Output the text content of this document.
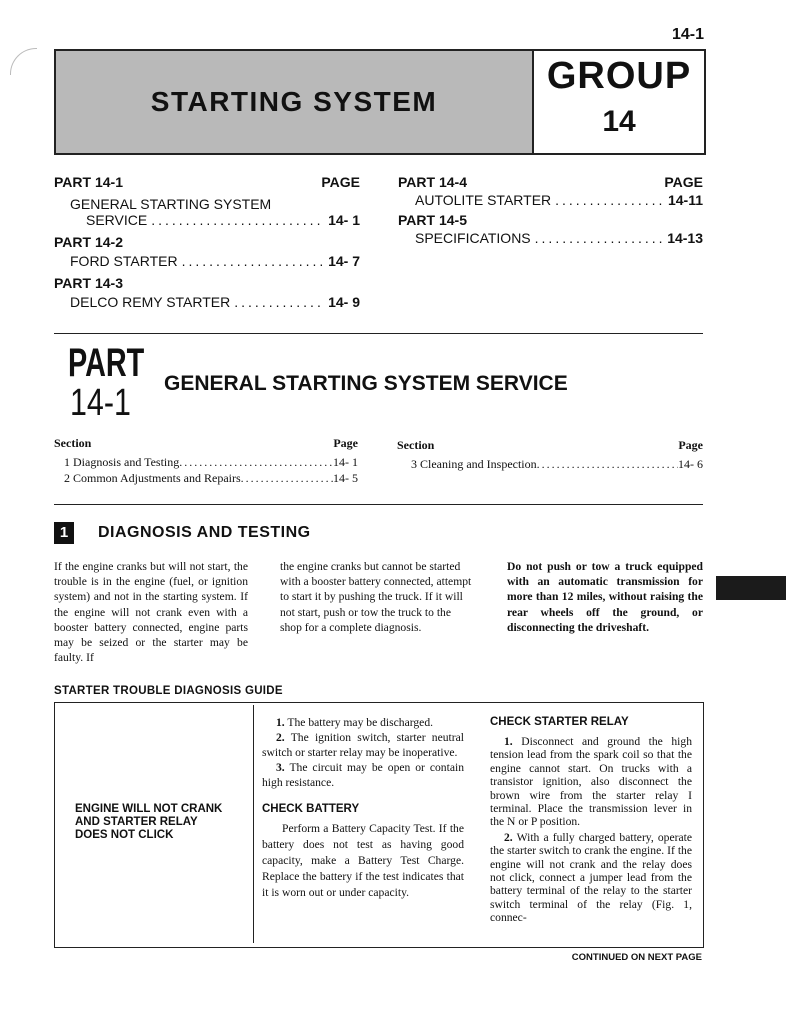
14-1
STARTING SYSTEM
GROUP
14
PART 14-1	PAGE
GENERAL STARTING SYSTEM
SERVICE .....	14- 1
PART 14-2
FORD STARTER .....	14- 7
PART 14-3
DELCO REMY STARTER .....	14- 9
PART 14-4	PAGE
AUTOLITE STARTER .....	14-11
PART 14-5
SPECIFICATIONS .....	14-13
PART
14-1 GENERAL STARTING SYSTEM SERVICE
Section	Page
1 Diagnosis and Testing .....	14- 1
2 Common Adjustments and Repairs .....	14- 5
Section	Page
3 Cleaning and Inspection .....	14- 6
1	DIAGNOSIS AND TESTING
If the engine cranks but will not start, the trouble is in the engine (fuel, or ignition system) and not in the starting system. If the engine will not crank even with a booster battery connected, engine parts may be seized or the starter may be faulty. If
the engine cranks but cannot be started with a booster battery connected, attempt to start it by pushing the truck. If it will not start, push or tow the truck to the shop for a complete diagnosis.
Do not push or tow a truck equipped with an automatic transmission for more than 12 miles, without raising the rear wheels off the ground, or disconnecting the driveshaft.
STARTER TROUBLE DIAGNOSIS GUIDE
ENGINE WILL NOT CRANK
AND STARTER RELAY
DOES NOT CLICK
1. The battery may be discharged.
2. The ignition switch, starter neutral switch or starter relay may be inoperative.
3. The circuit may be open or contain high resistance.
CHECK BATTERY
Perform a Battery Capacity Test. If the battery does not test as having good capacity, make a Battery Test Charge. Replace the battery if the test indicates that it is worn out or under capacity.
CHECK STARTER RELAY
1. Disconnect and ground the high tension lead from the spark coil so that the engine cannot start. On trucks with a transistor ignition, also disconnect the brown wire from the starter relay I terminal. Place the transmission lever in the N or P position.
2. With a fully charged battery, operate the starter switch to crank the engine. If the engine will not crank and the relay does not click, connect a jumper lead from the battery terminal of the relay to the starter switch terminal of the relay (Fig. 1, connec-
CONTINUED ON NEXT PAGE
